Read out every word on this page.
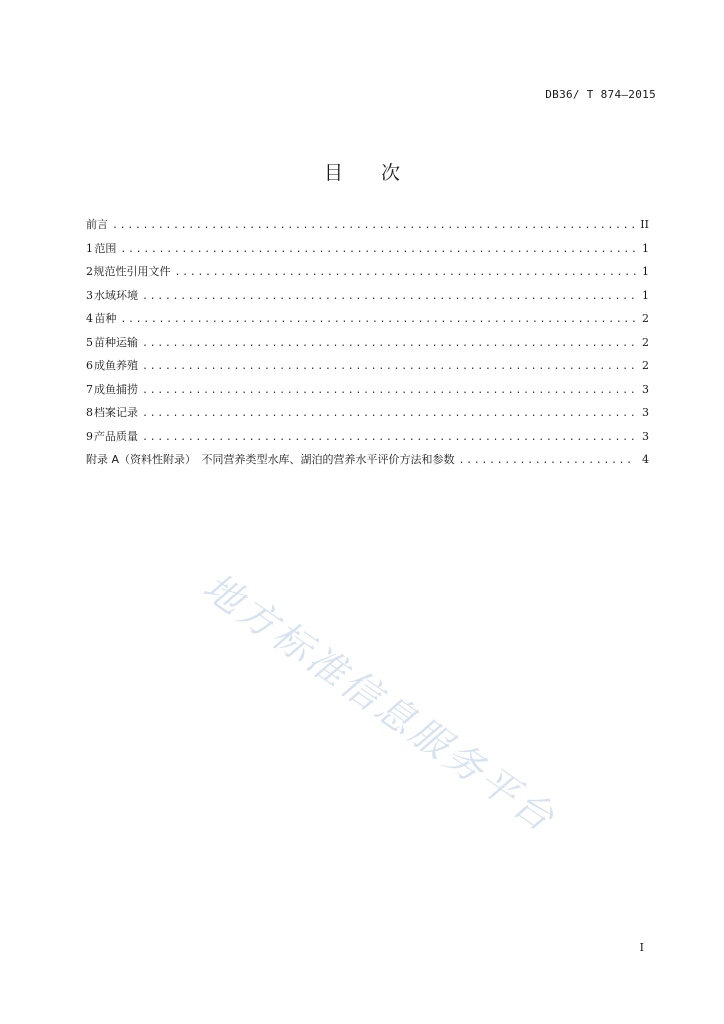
DB36/ T 874—2015
目 次
前言 .....	II
1 范围 .....	1
2 规范性引用文件 .....	1
3 水域环境 .....	1
4 苗种 .....	2
5 苗种运输 .....	2
6 成鱼养殖 .....	2
7 成鱼捕捞 .....	3
8 档案记录 .....	3
9 产品质量 .....	3
附录 A（资料性附录）　不同营养类型水库、湖泊的营养水平评价方法和参数 .....	4
地方标准信息服务平台
I
